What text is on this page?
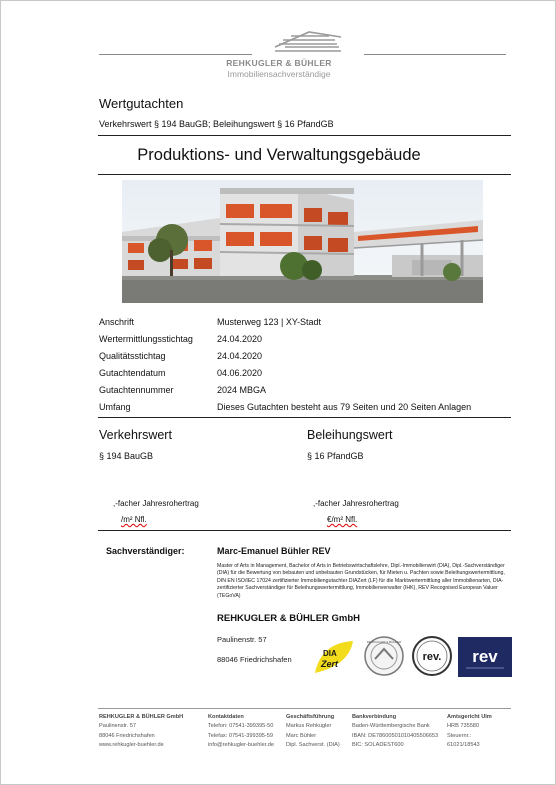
REHKUGLER & BÜHLER
Immobiliensachverständige
Wertgutachten
Verkehrswert § 194 BauGB; Beleihungswert § 16 PfandGB
Produktions- und Verwaltungsgebäude
Anschrift	Musterweg 123 | XY-Stadt
Wertermittlungsstichtag	24.04.2020
Qualitätsstichtag	24.04.2020
Gutachtendatum	04.06.2020
Gutachtennummer	2024 MBGA
Umfang	Dieses Gutachten besteht aus 79 Seiten und 20 Seiten Anlagen
Verkehrswert
§ 194 BauGB
,-facher Jahresrohertrag
/m² Nfl.
Beleihungswert
§ 16 PfandGB
,-facher Jahresrohertrag
€/m² Nfl.
Sachverständiger:	Marc-Emanuel Bühler REV
Master of Arts in Management, Bachelor of Arts in Betriebswirtschaftslehre, Dipl.-Immobilienwirt (DIA), Dipl.-Sachverständiger (DIA) für die Bewertung von bebauten und unbebauten Grundstücken, für Mieten u. Pachten sowie Beleihungswertermittlung, DIN EN ISO/IEC 17024 zertifizierter Immobiliengutachter DIAZert (LF) für die Marktwertermittlung aller Immobilienarten, DIA-zertifizierter Sachverständiger für Beleihungswertermittlung, Immobilienverwalter (IHK), REV Recognised European Valuer (TEGoVA)
REHKUGLER & BÜHLER GmbH
Paulinenstr. 57
88046 Friedrichshafen
DIA
Zert
REHKUGLER & BÜHLER
rev. rev
REHKUGLER & BÜHLER GmbH
Paulinenstr. 57
88046 Friedrichshafen
www.rehkugler-buehler.de
Kontaktdaten
Telefon: 07541-399395-50
Telefax: 07541-399395-59
info@rehkugler-buehler.de
Geschäftsführung
Markus Rehkugler
Marc Bühler
Dipl. Sachverst. (DIA)
Bankverbindung
Baden-Württembergische Bank
IBAN: DE78600501010405506653
BIC: SOLADEST600
Amtsgericht Ulm
HRB 735580
Steuernr.:
61021/18543
